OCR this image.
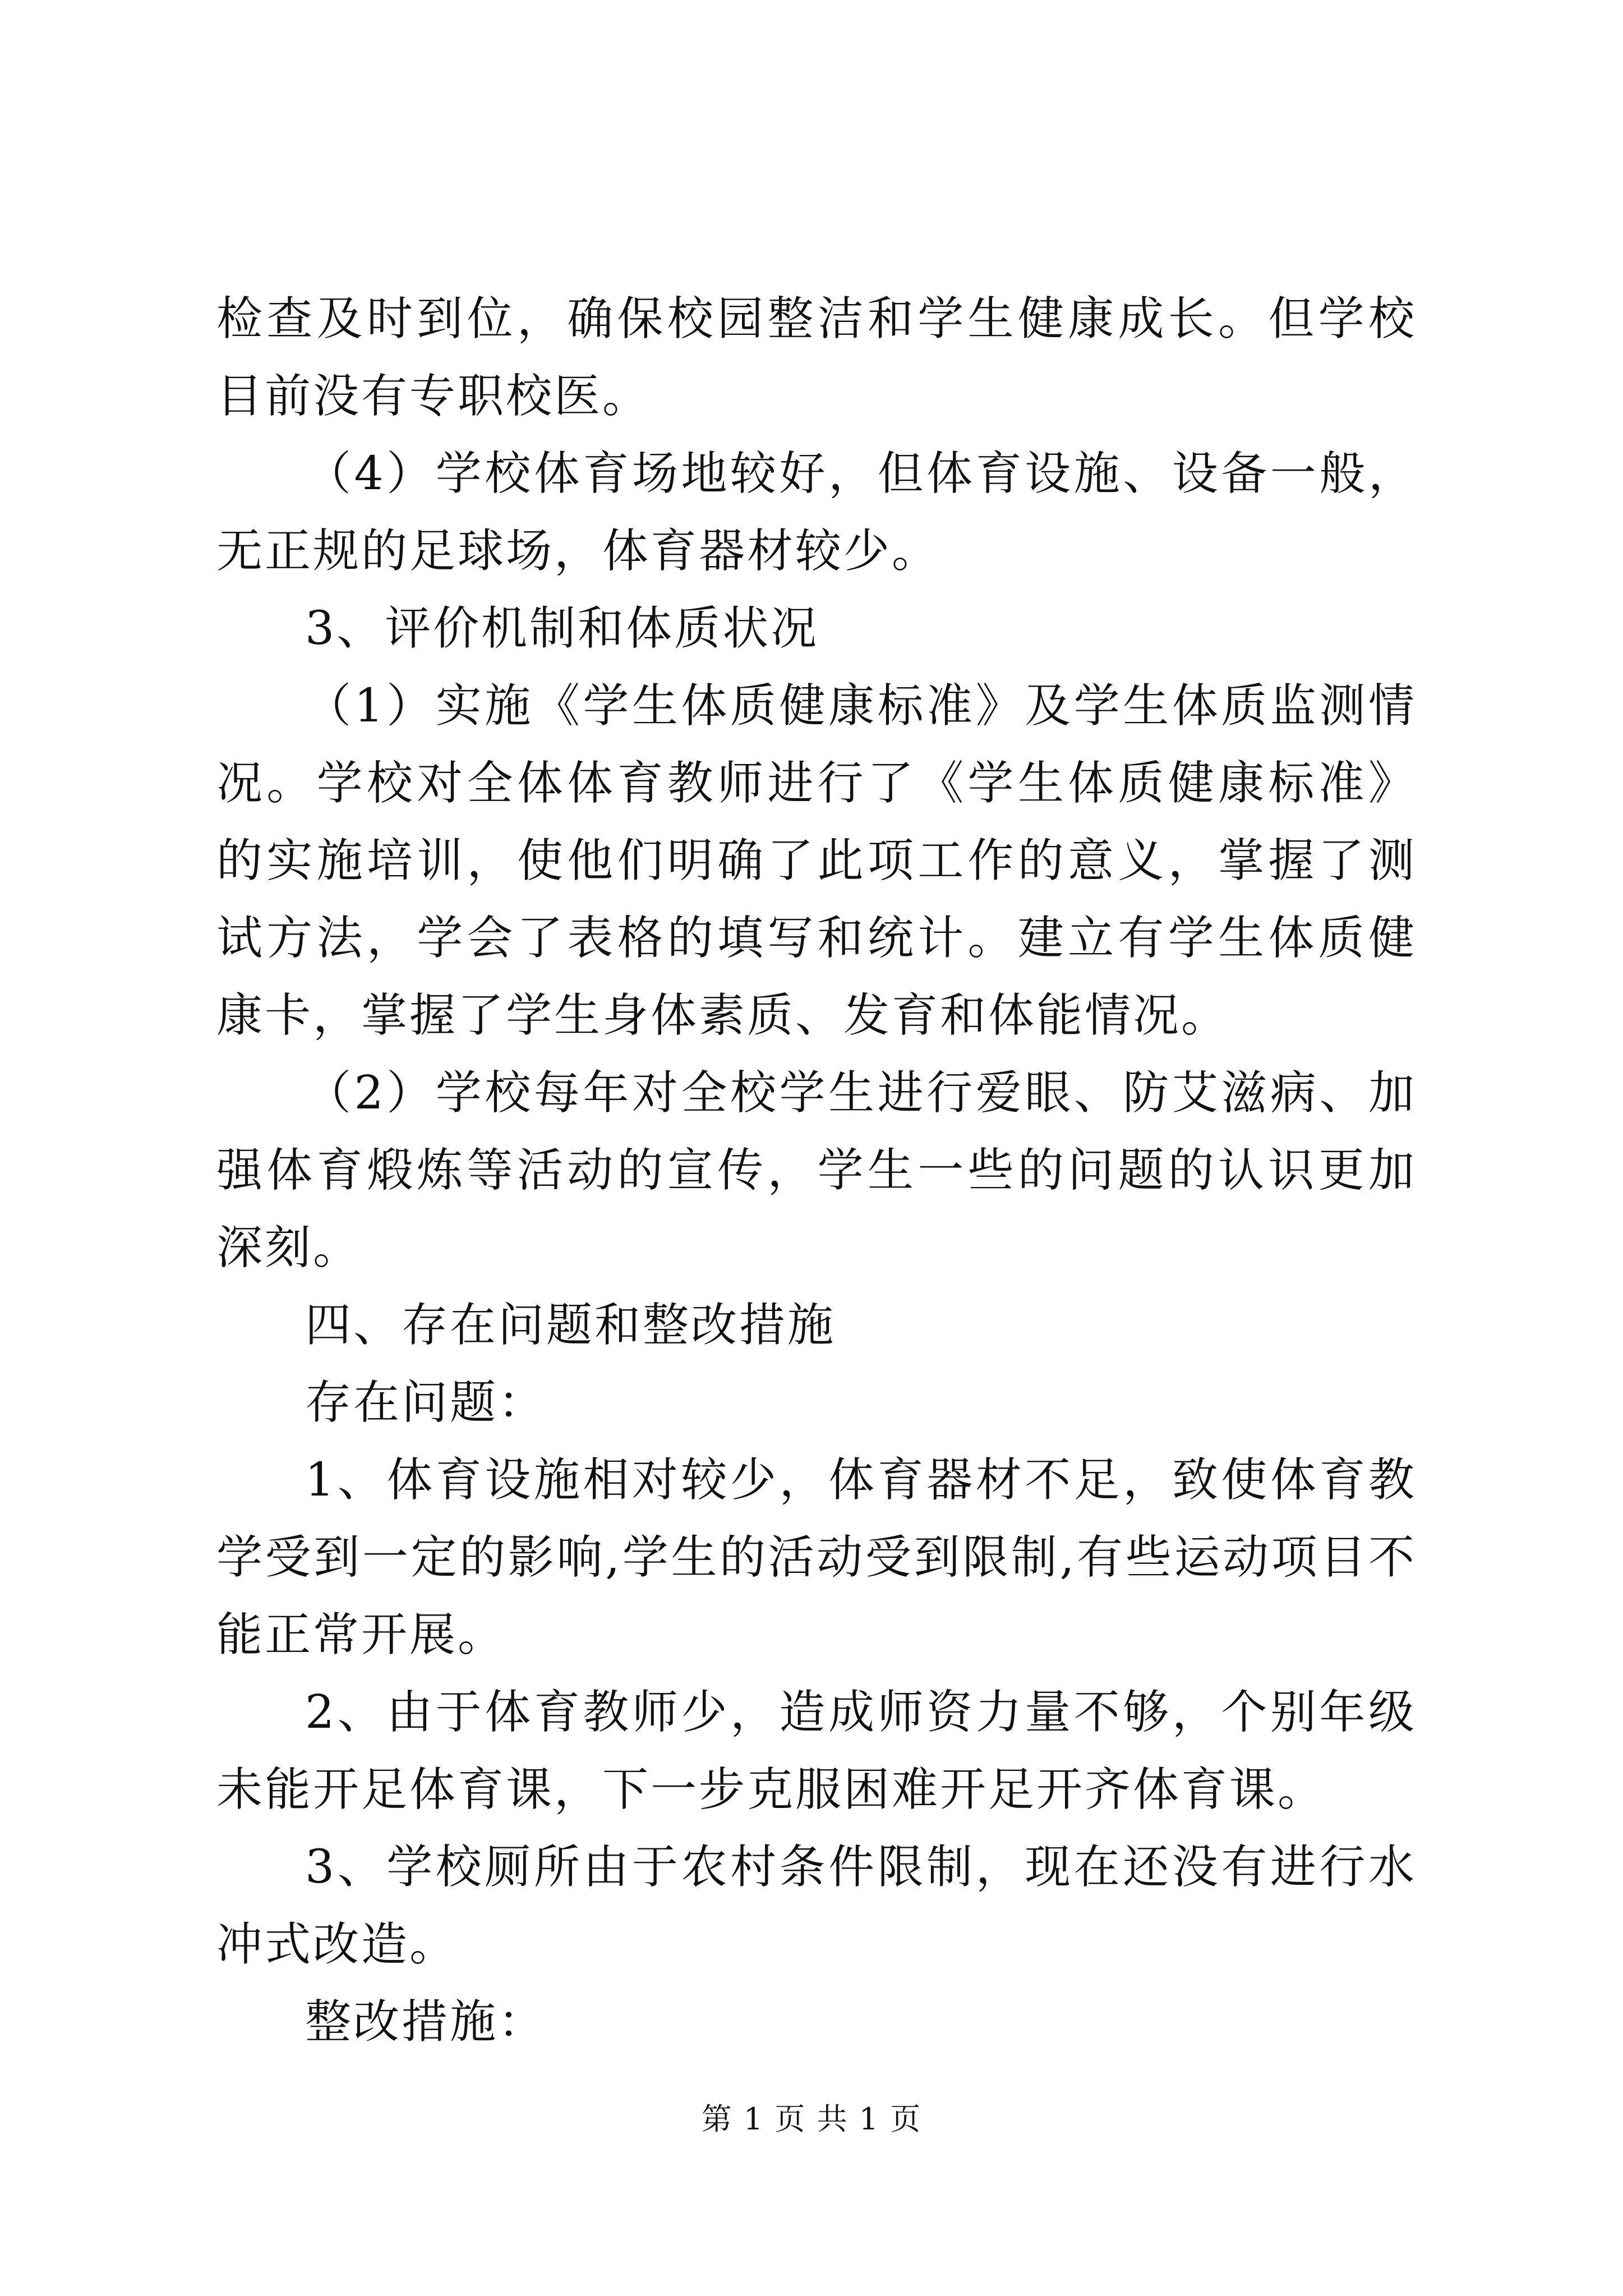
检查及时到位，确保校园整洁和学生健康成长。但学校目前没有专职校医。

（4）学校体育场地较好，但体育设施、设备一般，无正规的足球场，体育器材较少。

3、评价机制和体质状况

（1）实施《学生体质健康标准》及学生体质监测情况。学校对全体体育教师进行了《学生体质健康标准》的实施培训，使他们明确了此项工作的意义，掌握了测试方法，学会了表格的填写和统计。建立有学生体质健康卡，掌握了学生身体素质、发育和体能情况。

（2）学校每年对全校学生进行爱眼、防艾滋病、加强体育煅炼等活动的宣传，学生一些的问题的认识更加深刻。

四、存在问题和整改措施

存在问题：

1、体育设施相对较少，体育器材不足，致使体育教学受到一定的影响,学生的活动受到限制,有些运动项目不能正常开展。

2、由于体育教师少，造成师资力量不够，个别年级未能开足体育课，下一步克服困难开足开齐体育课。

3、学校厕所由于农村条件限制，现在还没有进行水冲式改造。

整改措施：

第 1 页 共 1 页
